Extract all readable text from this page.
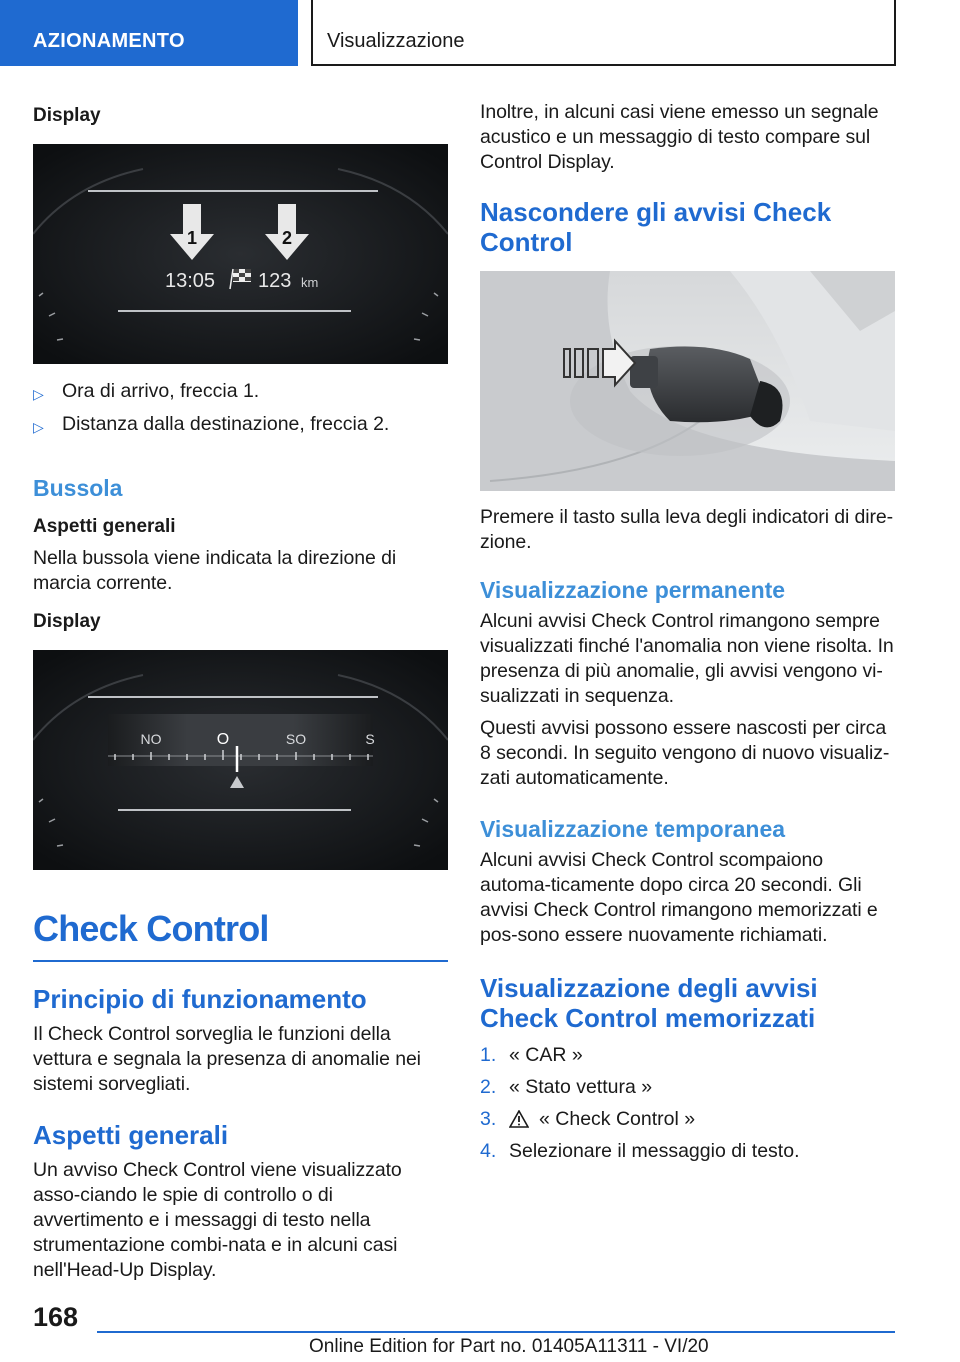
AZIONAMENTO	Visualizzazione
Display
1	2
13:05 123 km
▷ Ora di arrivo, freccia 1.
▷ Distanza dalla destinazione, freccia 2.
Bussola
Aspetti generali
Nella bussola viene indicata la direzione di marcia corrente.
Display
NO	O	SO	S
Check Control
Principio di funzionamento
Il Check Control sorveglia le funzioni della vettura e segnala la presenza di anomalie nei sistemi sorvegliati.
Aspetti generali
Un avviso Check Control viene visualizzato asso-ciando le spie di controllo o di avvertimento e i messaggi di testo nella strumentazione combi-nata e in alcuni casi nell'Head-Up Display.
Inoltre, in alcuni casi viene emesso un segnale acustico e un messaggio di testo compare sul Control Display.
Nascondere gli avvisi Check Control
Premere il tasto sulla leva degli indicatori di dire-zione.
Visualizzazione permanente
Alcuni avvisi Check Control rimangono sempre visualizzati finché l'anomalia non viene risolta. In presenza di più anomalie, gli avvisi vengono vi-sualizzati in sequenza.
Questi avvisi possono essere nascosti per circa 8 secondi. In seguito vengono di nuovo visualiz-zati automaticamente.
Visualizzazione temporanea
Alcuni avvisi Check Control scompaiono automa-ticamente dopo circa 20 secondi. Gli avvisi Check Control rimangono memorizzati e pos-sono essere nuovamente richiamati.
Visualizzazione degli avvisi Check Control memorizzati
1. « CAR »
2. « Stato vettura »
3.	« Check Control »
4. Selezionare il messaggio di testo.
168
Online Edition for Part no. 01405A11311 - VI/20
